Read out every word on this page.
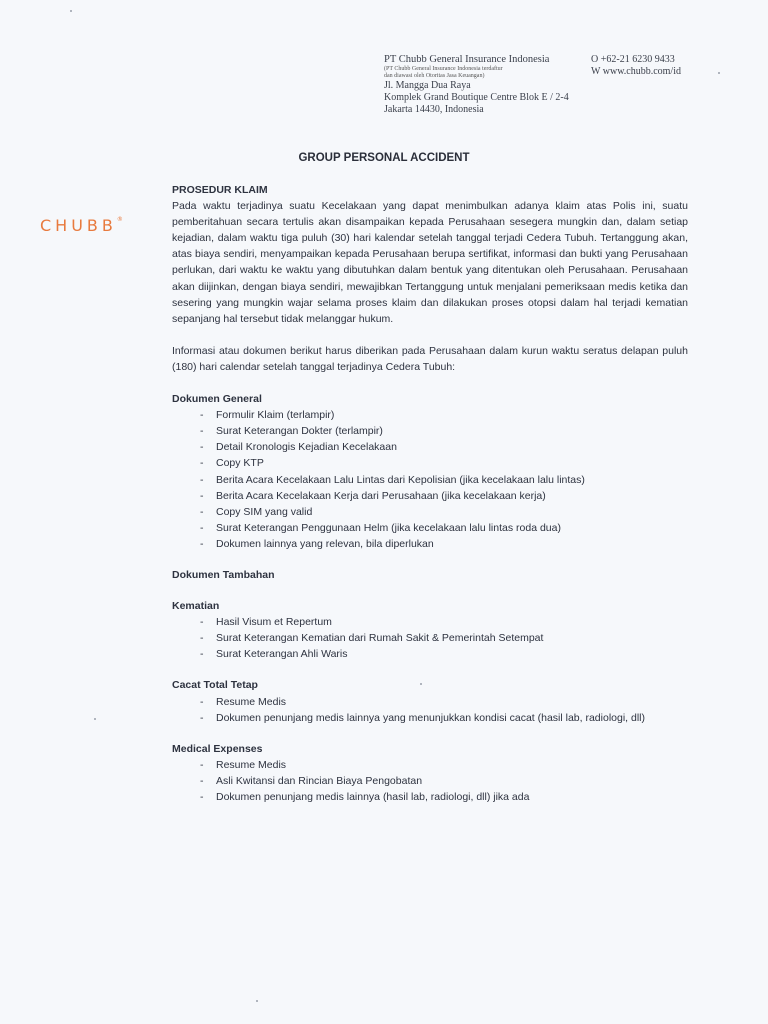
PT Chubb General Insurance Indonesia
(PT Chubb General Insurance Indonesia terdaftur
dan diawasi oleh Otoritas Jasa Keuangan)
Jl. Mangga Dua Raya
Komplek Grand Boutique Centre Blok E / 2-4
Jakarta 14430, Indonesia
O +62-21 6230 9433
W www.chubb.com/id
CHUBB®
GROUP PERSONAL ACCIDENT
PROSEDUR KLAIM

Pada waktu terjadinya suatu Kecelakaan yang dapat menimbulkan adanya klaim atas Polis ini, suatu pemberitahuan secara tertulis akan disampaikan kepada Perusahaan sesegera mungkin dan, dalam setiap kejadian, dalam waktu tiga puluh (30) hari kalendar setelah tanggal terjadi Cedera Tubuh. Tertanggung akan, atas biaya sendiri, menyampaikan kepada Perusahaan berupa sertifikat, informasi dan bukti yang Perusahaan perlukan, dari waktu ke waktu yang dibutuhkan dalam bentuk yang ditentukan oleh Perusahaan. Perusahaan akan diijinkan, dengan biaya sendiri, mewajibkan Tertanggung untuk menjalani pemeriksaan medis ketika dan sesering yang mungkin wajar selama proses klaim dan dilakukan proses otopsi dalam hal terjadi kematian sepanjang hal tersebut tidak melanggar hukum.

Informasi atau dokumen berikut harus diberikan pada Perusahaan dalam kurun waktu seratus delapan puluh (180) hari calendar setelah tanggal terjadinya Cedera Tubuh:

Dokumen General
- Formulir Klaim (terlampir)
- Surat Keterangan Dokter (terlampir)
- Detail Kronologis Kejadian Kecelakaan
- Copy KTP
- Berita Acara Kecelakaan Lalu Lintas dari Kepolisian (jika kecelakaan lalu lintas)
- Berita Acara Kecelakaan Kerja dari Perusahaan (jika kecelakaan kerja)
- Copy SIM yang valid
- Surat Keterangan Penggunaan Helm (jika kecelakaan lalu lintas roda dua)
- Dokumen lainnya yang relevan, bila diperlukan
Dokumen Tambahan
Kematian
- Hasil Visum et Repertum
- Surat Keterangan Kematian dari Rumah Sakit & Pemerintah Setempat
- Surat Keterangan Ahli Waris
Cacat Total Tetap
- Resume Medis
- Dokumen penunjang medis lainnya yang menunjukkan kondisi cacat (hasil lab, radiologi, dll)
Medical Expenses
- Resume Medis
- Asli Kwitansi dan Rincian Biaya Pengobatan
- Dokumen penunjang medis lainnya (hasil lab, radiologi, dll) jika ada
